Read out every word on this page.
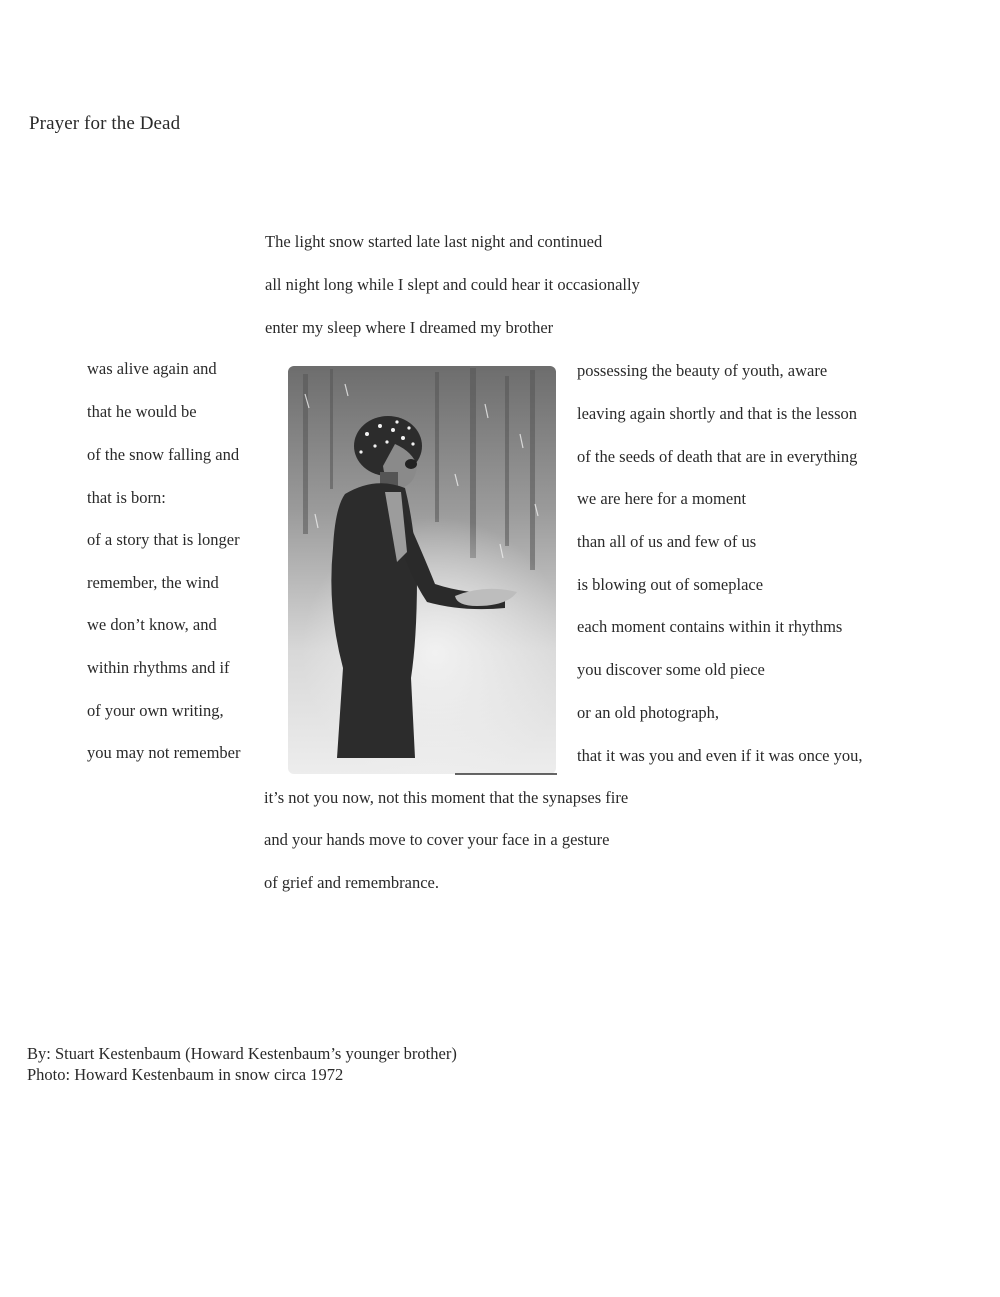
Prayer for the Dead
The light snow started late last night and continued
all night long while I slept and could hear it occasionally
enter my sleep where I dreamed my brother
was alive again and
that he would be
of the snow falling and
that is born:
of a story that is longer
remember, the wind
we don’t know, and
within rhythms and if
of your own writing,
you may not remember
possessing the beauty of youth, aware
leaving again shortly and that is the lesson
of the seeds of death that are in everything
we are here for a moment
than all of us and few of us
is blowing out of someplace
each moment contains within it rhythms
you discover some old piece
or an old photograph,
that it was you and even if it was once you,
it’s not you now, not this moment that the synapses fire
and your hands move to cover your face in a gesture
of grief and remembrance.
By: Stuart Kestenbaum (Howard Kestenbaum’s younger brother)
Photo: Howard Kestenbaum in snow circa 1972
